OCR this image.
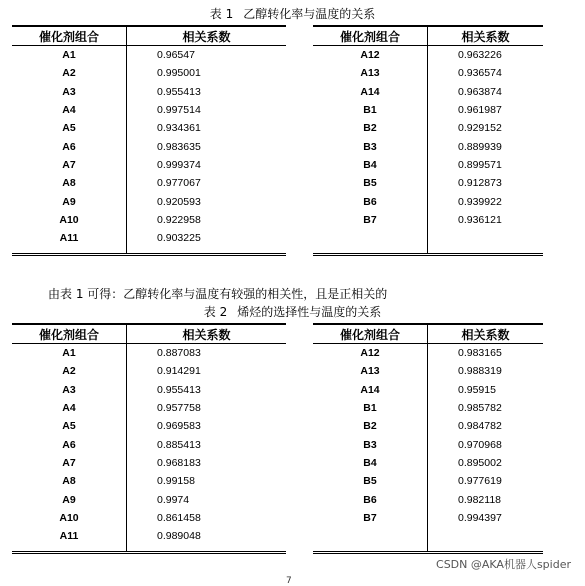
表 1 乙醇转化率与温度的关系
催化剂组合	相关系数
A1	0.96547
A2	0.995001
A3	0.955413
A4	0.997514
A5	0.934361
A6	0.983635
A7	0.999374
A8	0.977067
A9	0.920593
A10	0.922958
A11	0.903225

催化剂组合	相关系数
A12	0.963226
A13	0.936574
A14	0.963874
B1	0.961987
B2	0.929152
B3	0.889939
B4	0.899571
B5	0.912873
B6	0.939922
B7	0.936121

由表 1 可得：乙醇转化率与温度有较强的相关性，且是正相关的
表 2 烯烃的选择性与温度的关系
催化剂组合	相关系数
A1	0.887083
A2	0.914291
A3	0.955413
A4	0.957758
A5	0.969583
A6	0.885413
A7	0.968183
A8	0.99158
A9	0.9974
A10	0.861458
A11	0.989048

催化剂组合	相关系数
A12	0.983165
A13	0.988319
A14	0.95915
B1	0.985782
B2	0.984782
B3	0.970968
B4	0.895002
B5	0.977619
B6	0.982118
B7	0.994397

CSDN @AKA机器人spider
7
